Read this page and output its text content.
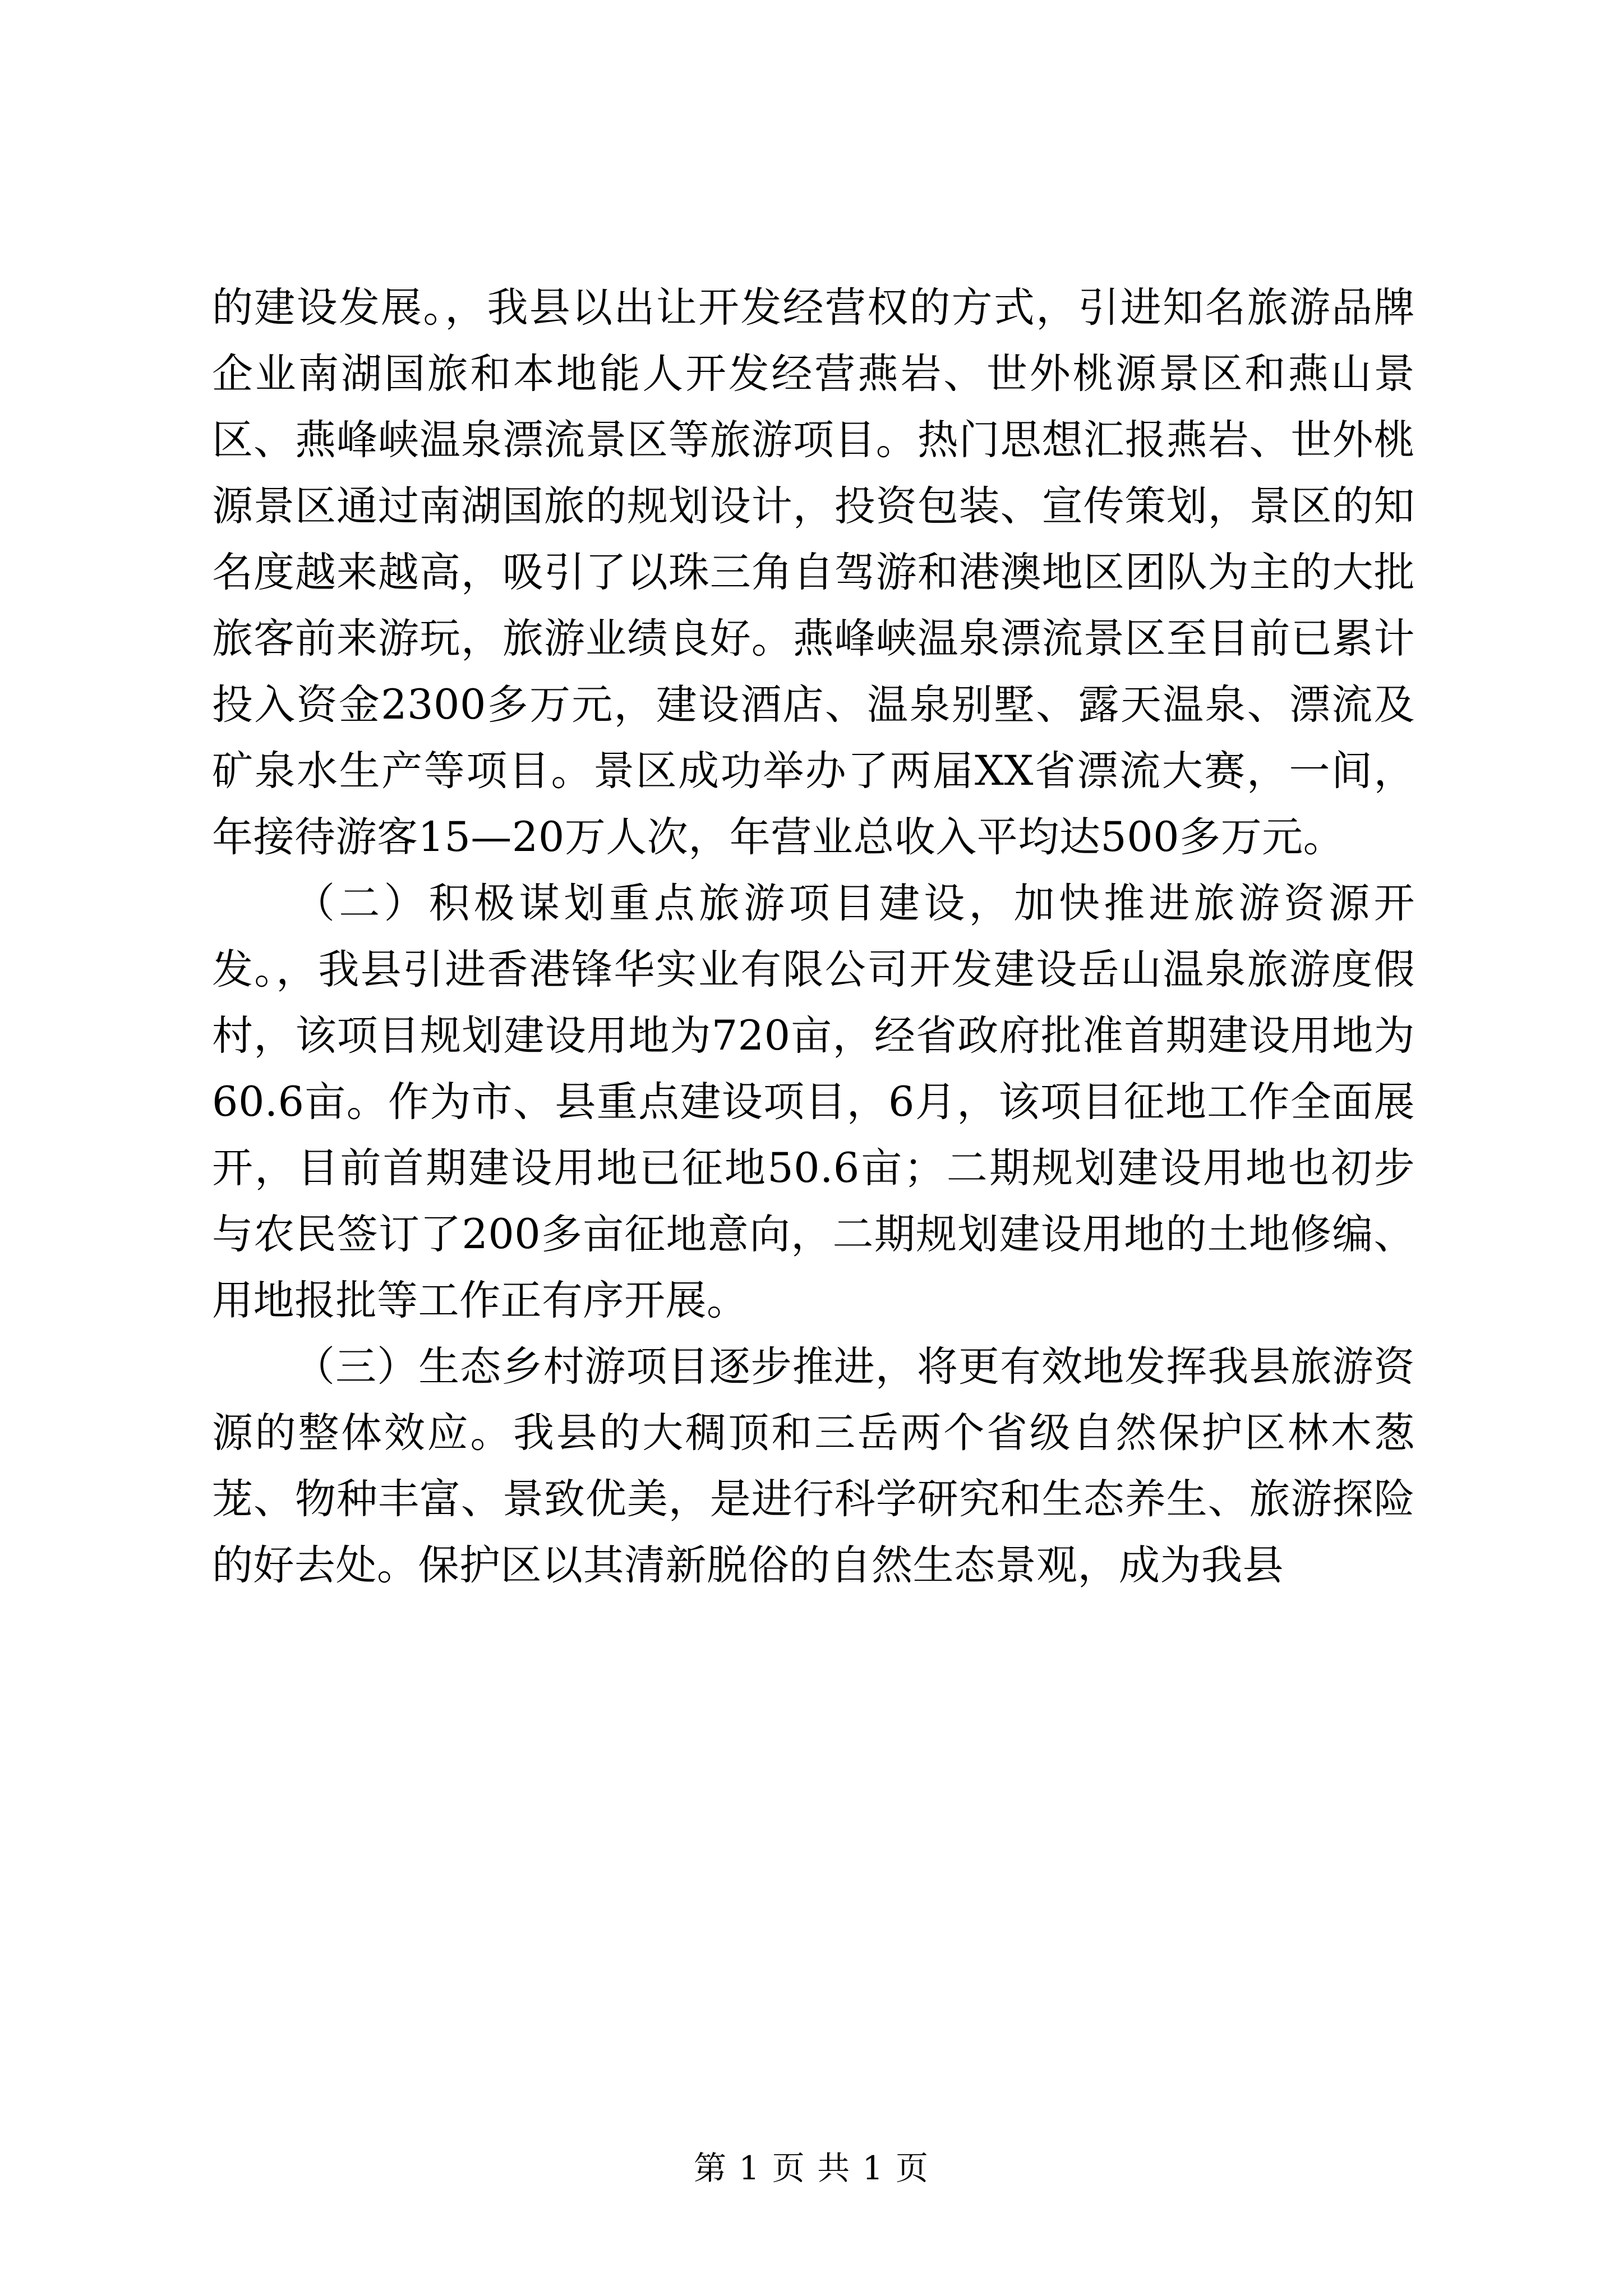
的建设发展。，我县以出让开发经营权的方式，引进知名旅游品牌企业南湖国旅和本地能人开发经营燕岩、世外桃源景区和燕山景区、燕峰峡温泉漂流景区等旅游项目。热门思想汇报燕岩、世外桃源景区通过南湖国旅的规划设计，投资包装、宣传策划，景区的知名度越来越高，吸引了以珠三角自驾游和港澳地区团队为主的大批旅客前来游玩，旅游业绩良好。燕峰峡温泉漂流景区至目前已累计投入资金2300多万元，建设酒店、温泉别墅、露天温泉、漂流及矿泉水生产等项目。景区成功举办了两届XX省漂流大赛，一间，年接待游客15—20万人次，年营业总收入平均达500多万元。

（二）积极谋划重点旅游项目建设，加快推进旅游资源开发。，我县引进香港锋华实业有限公司开发建设岳山温泉旅游度假村，该项目规划建设用地为720亩，经省政府批准首期建设用地为60.6亩。作为市、县重点建设项目，6月，该项目征地工作全面展开，目前首期建设用地已征地50.6亩；二期规划建设用地也初步与农民签订了200多亩征地意向，二期规划建设用地的土地修编、用地报批等工作正有序开展。

（三）生态乡村游项目逐步推进，将更有效地发挥我县旅游资源的整体效应。我县的大稠顶和三岳两个省级自然保护区林木葱茏、物种丰富、景致优美，是进行科学研究和生态养生、旅游探险的好去处。保护区以其清新脱俗的自然生态景观，成为我县

第 1 页 共 1 页
